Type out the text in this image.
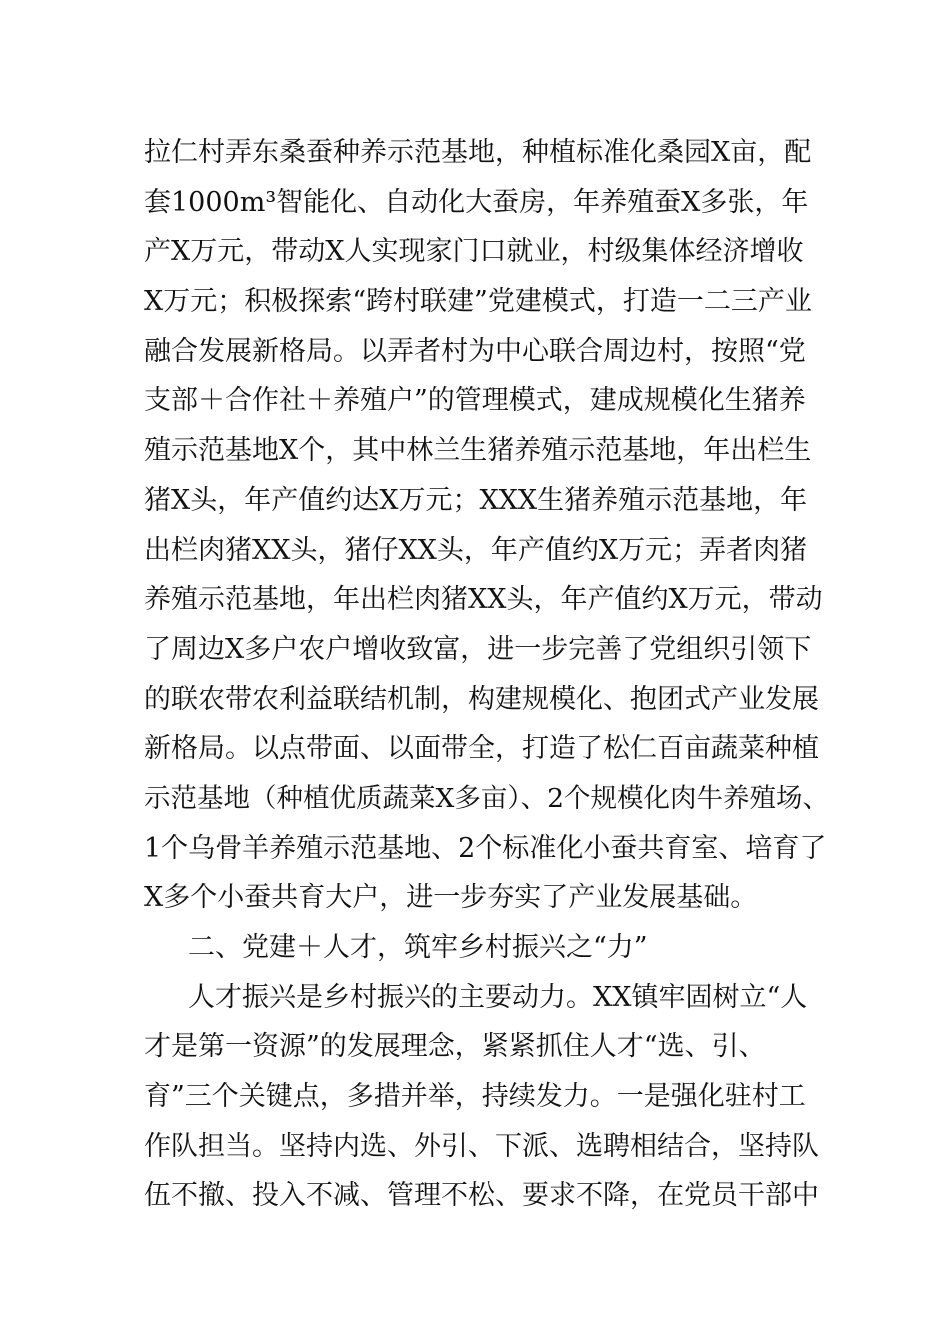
拉仁村弄东桑蚕种养示范基地，种植标准化桑园X亩，配
套1000m³智能化、自动化大蚕房，年养殖蚕X多张，年
产X万元，带动X人实现家门口就业，村级集体经济增收
X万元；积极探索“跨村联建”党建模式，打造一二三产业
融合发展新格局。以弄者村为中心联合周边村，按照“党
支部＋合作社＋养殖户”的管理模式，建成规模化生猪养
殖示范基地X个，其中林兰生猪养殖示范基地，年出栏生
猪X头，年产值约达X万元；XXX生猪养殖示范基地，年
出栏肉猪XX头，猪仔XX头，年产值约X万元；弄者肉猪
养殖示范基地，年出栏肉猪XX头，年产值约X万元，带动
了周边X多户农户增收致富，进一步完善了党组织引领下
的联农带农利益联结机制，构建规模化、抱团式产业发展
新格局。以点带面、以面带全，打造了松仁百亩蔬菜种植
示范基地（种植优质蔬菜X多亩）、2个规模化肉牛养殖场、
1个乌骨羊养殖示范基地、2个标准化小蚕共育室、培育了
X多个小蚕共育大户，进一步夯实了产业发展基础。
二、党建＋人才，筑牢乡村振兴之“力”
人才振兴是乡村振兴的主要动力。XX镇牢固树立“人
才是第一资源”的发展理念，紧紧抓住人才“选、引、
育”三个关键点，多措并举，持续发力。一是强化驻村工
作队担当。坚持内选、外引、下派、选聘相结合，坚持队
伍不撤、投入不减、管理不松、要求不降，在党员干部中
